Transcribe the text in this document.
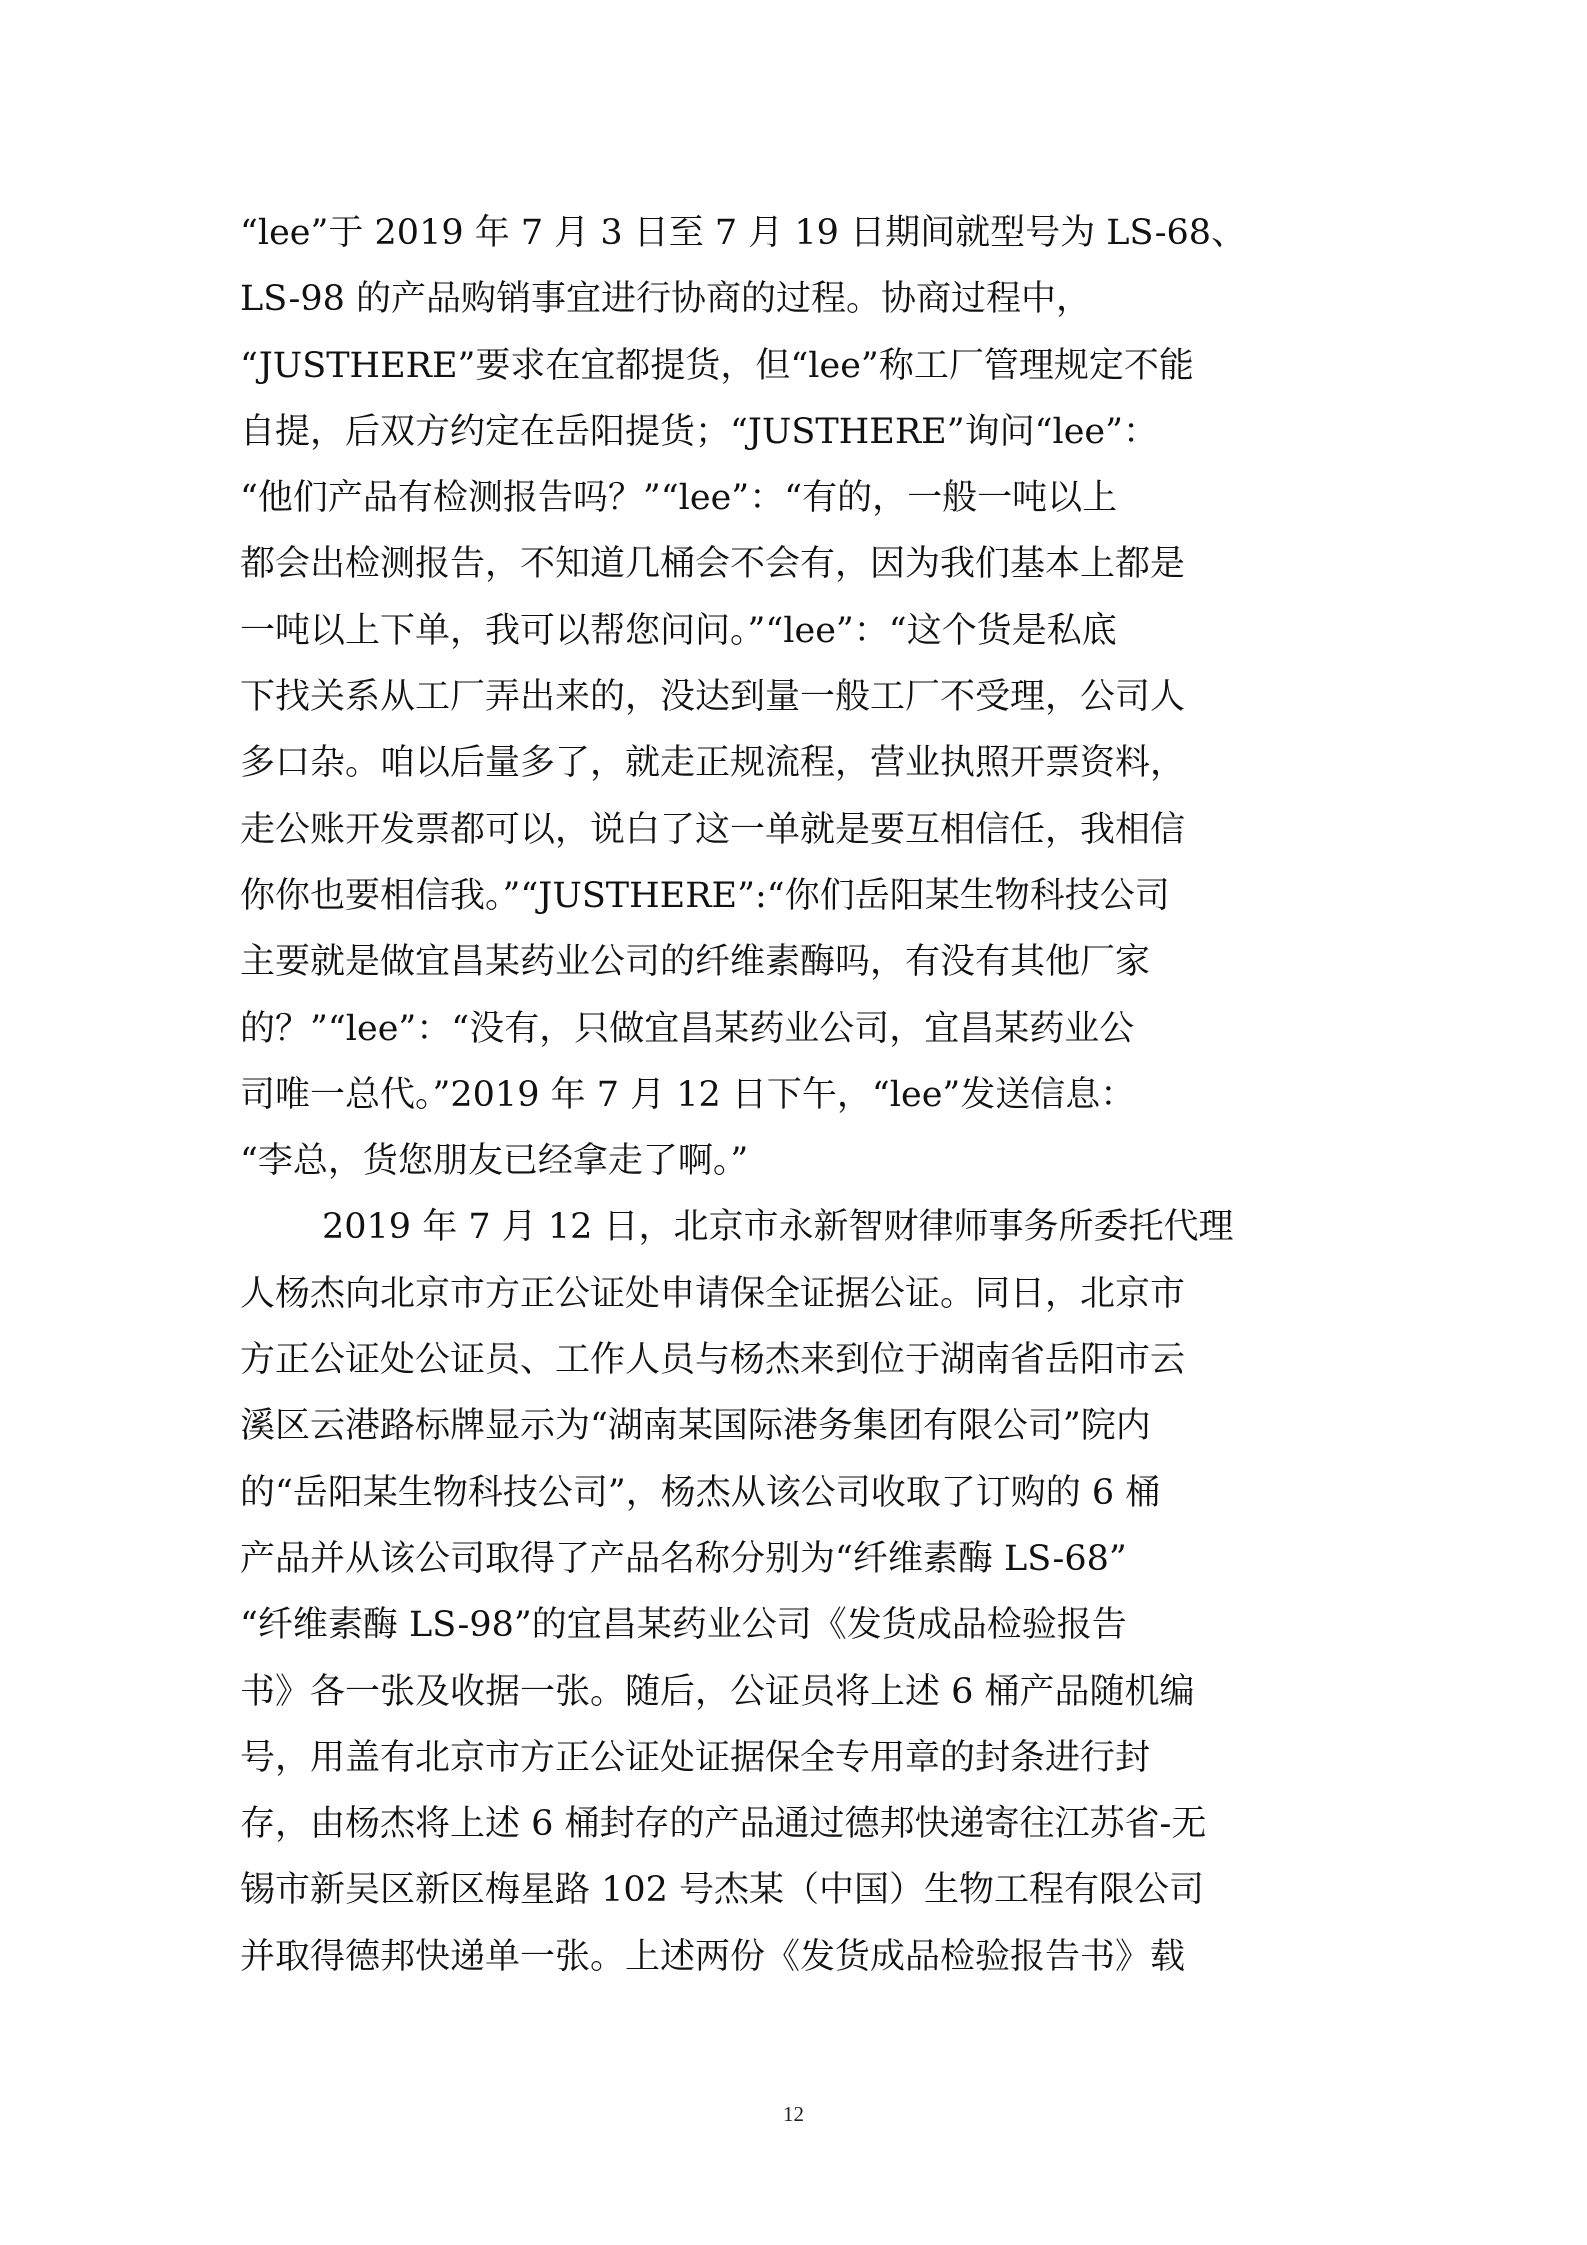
“lee”于 2019 年 7 月 3 日至 7 月 19 日期间就型号为 LS-68、
LS-98 的产品购销事宜进行协商的过程。协商过程中，
“JUSTHERE”要求在宜都提货，但“lee”称工厂管理规定不能
自提，后双方约定在岳阳提货；“JUSTHERE”询问“lee”：
“他们产品有检测报告吗？”“lee”：“有的，一般一吨以上
都会出检测报告，不知道几桶会不会有，因为我们基本上都是
一吨以上下单，我可以帮您问问。”“lee”：“这个货是私底
下找关系从工厂弄出来的，没达到量一般工厂不受理，公司人
多口杂。咱以后量多了，就走正规流程，营业执照开票资料，
走公账开发票都可以，说白了这一单就是要互相信任，我相信
你你也要相信我。”“JUSTHERE”:“你们岳阳某生物科技公司
主要就是做宜昌某药业公司的纤维素酶吗，有没有其他厂家
的？”“lee”：“没有，只做宜昌某药业公司，宜昌某药业公
司唯一总代。”2019 年 7 月 12 日下午，“lee”发送信息：
“李总，货您朋友已经拿走了啊。”
2019 年 7 月 12 日，北京市永新智财律师事务所委托代理
人杨杰向北京市方正公证处申请保全证据公证。同日，北京市
方正公证处公证员、工作人员与杨杰来到位于湖南省岳阳市云
溪区云港路标牌显示为“湖南某国际港务集团有限公司”院内
的“岳阳某生物科技公司”，杨杰从该公司收取了订购的 6 桶
产品并从该公司取得了产品名称分别为“纤维素酶 LS-68”
“纤维素酶 LS-98”的宜昌某药业公司《发货成品检验报告
书》各一张及收据一张。随后，公证员将上述 6 桶产品随机编
号，用盖有北京市方正公证处证据保全专用章的封条进行封
存，由杨杰将上述 6 桶封存的产品通过德邦快递寄往江苏省-无
锡市新吴区新区梅星路 102 号杰某（中国）生物工程有限公司
并取得德邦快递单一张。上述两份《发货成品检验报告书》载
12
